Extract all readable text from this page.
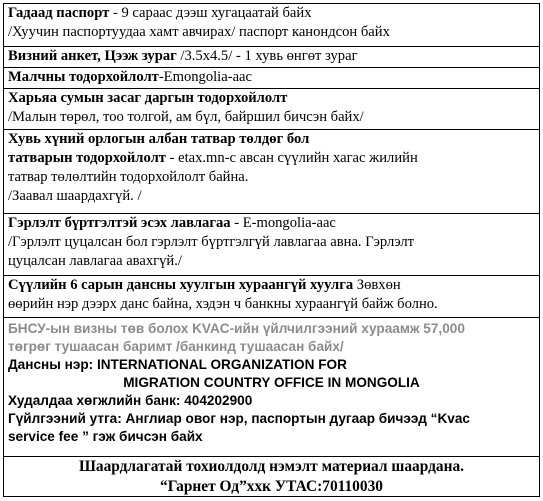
Гадаад паспорт - 9 сараас дээш хугацаатай байх
/Хуучин паспортуудаа хамт авчирах/ паспорт канондсон байх
Визний анкет, Цээж зураг /3.5x4.5/ - 1 хувь өнгөт зураг
Малчны тодорхойлолт-Emongolia-аас
Харьяа сумын засаг даргын тодорхойлолт
/Малын төрөл, тоо толгой, ам бүл, байршил бичсэн байх/
Хувь хүний орлогын албан татвар төлдөг бол
татварын тодорхойлолт - etax.mn-с авсан сүүлийн хагас жилийн
татвар төлөлтийн тодорхойлолт байна.
/Заавал шаардахгүй. /
Гэрлэлт бүртгэлтэй эсэх лавлагаа - E-mongolia-аас
/Гэрлэлт цуцалсан бол гэрлэлт бүртгэлгүй лавлагаа авна. Гэрлэлт
цуцалсан лавлагаа авахгүй./
Сүүлийн 6 сарын дансны хуулгын хураангүй хуулга Зөвхөн
өөрийн нэр дээрх данс байна, хэдэн ч банкны хураангүй байж болно.
БНСУ-ын визны төв болох KVAC-ийн үйлчилгээний хураамж 57,000
төгрөг тушаасан баримт /банкинд тушаасан байх/
Дансны нэр: INTERNATIONAL ORGANIZATION FOR
MIGRATION COUNTRY OFFICE IN MONGOLIA
Худалдаа хөгжлийн банк: 404202900
Гүйлгээний утга: Англиар овог нэр, паспортын дугаар бичээд “Kvac
service fee ” гэж бичсэн байх
Шаардлагатай тохиолдолд нэмэлт материал шаардана.
“Гарнет Од”ххк УТАС:70110030
